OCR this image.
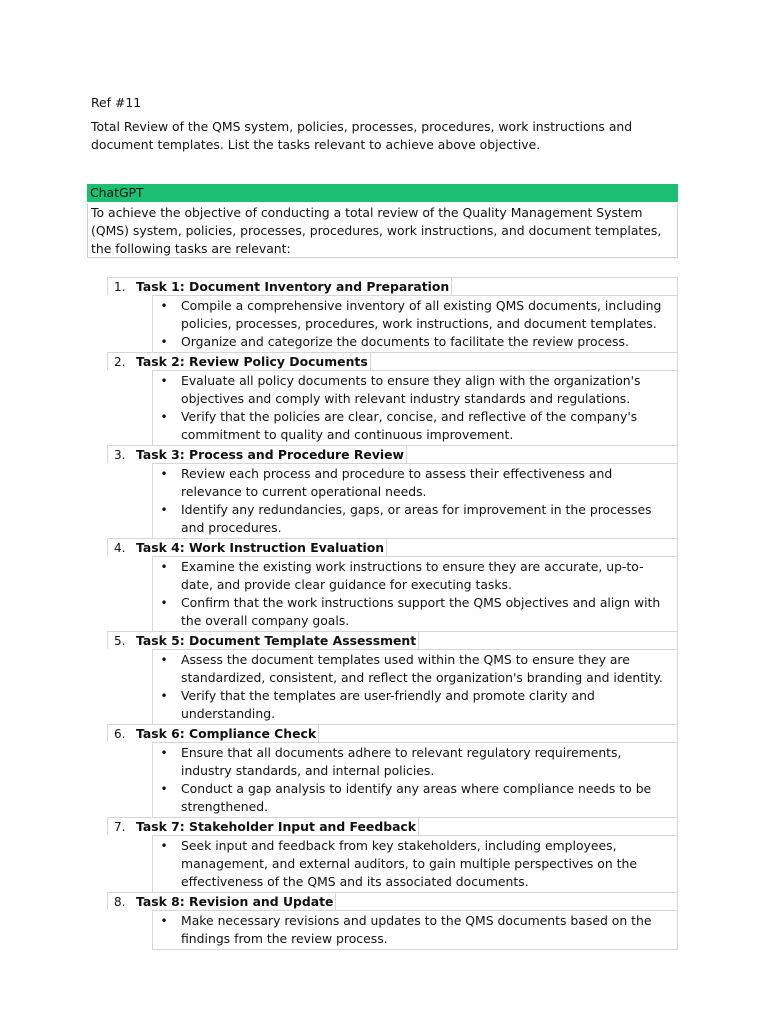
Ref #11
Total Review of the QMS system, policies, processes, procedures, work instructions and document templates. List the tasks relevant to achieve above objective.
ChatGPT
To achieve the objective of conducting a total review of the Quality Management System (QMS) system, policies, processes, procedures, work instructions, and document templates, the following tasks are relevant:
1. Task 1: Document Inventory and Preparation
• Compile a comprehensive inventory of all existing QMS documents, including policies, processes, procedures, work instructions, and document templates.
• Organize and categorize the documents to facilitate the review process.
2. Task 2: Review Policy Documents
• Evaluate all policy documents to ensure they align with the organization's objectives and comply with relevant industry standards and regulations.
• Verify that the policies are clear, concise, and reflective of the company's commitment to quality and continuous improvement.
3. Task 3: Process and Procedure Review
• Review each process and procedure to assess their effectiveness and relevance to current operational needs.
• Identify any redundancies, gaps, or areas for improvement in the processes and procedures.
4. Task 4: Work Instruction Evaluation
• Examine the existing work instructions to ensure they are accurate, up-to-date, and provide clear guidance for executing tasks.
• Confirm that the work instructions support the QMS objectives and align with the overall company goals.
5. Task 5: Document Template Assessment
• Assess the document templates used within the QMS to ensure they are standardized, consistent, and reflect the organization's branding and identity.
• Verify that the templates are user-friendly and promote clarity and understanding.
6. Task 6: Compliance Check
• Ensure that all documents adhere to relevant regulatory requirements, industry standards, and internal policies.
• Conduct a gap analysis to identify any areas where compliance needs to be strengthened.
7. Task 7: Stakeholder Input and Feedback
• Seek input and feedback from key stakeholders, including employees, management, and external auditors, to gain multiple perspectives on the effectiveness of the QMS and its associated documents.
8. Task 8: Revision and Update
• Make necessary revisions and updates to the QMS documents based on the findings from the review process.
